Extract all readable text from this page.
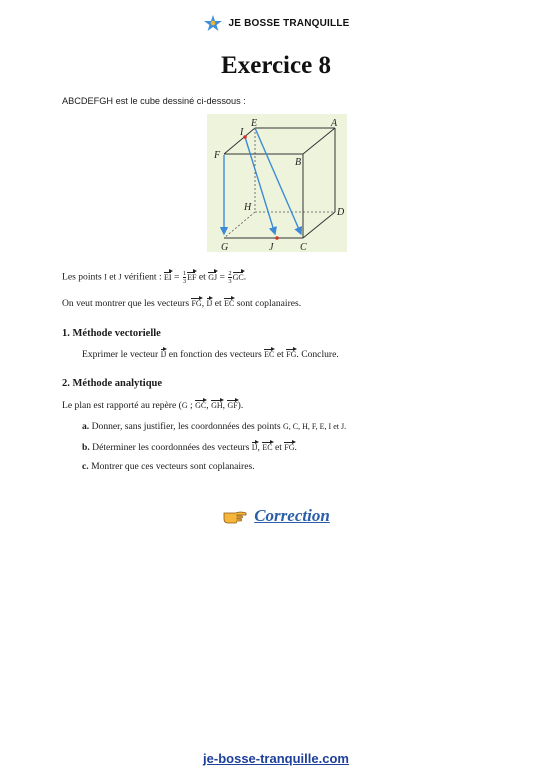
JE BOSSE TRANQUILLE
Exercice 8
ABCDEFGH est le cube dessiné ci-dessous :
I
E	A
F
B
H	D
G	J	C
Les points I et J vérifient : EI = $\frac{1}{3}$ EF et GJ = $\frac{2}{3}$ GC.
On veut montrer que les vecteurs FG, IJ et EC sont coplanaires.
1. Méthode vectorielle
Exprimer le vecteur IJ en fonction des vecteurs EC et FG. Conclure.
2. Méthode analytique
Le plan est rapporté au repère (G ; GC, GH, GF).
a. Donner, sans justifier, les coordonnées des points G, C, H, F, E, I et J.
b. Déterminer les coordonnées des vecteurs IJ, EC et FG.
c. Montrer que ces vecteurs sont coplanaires.
Correction
je-bosse-tranquille.com
